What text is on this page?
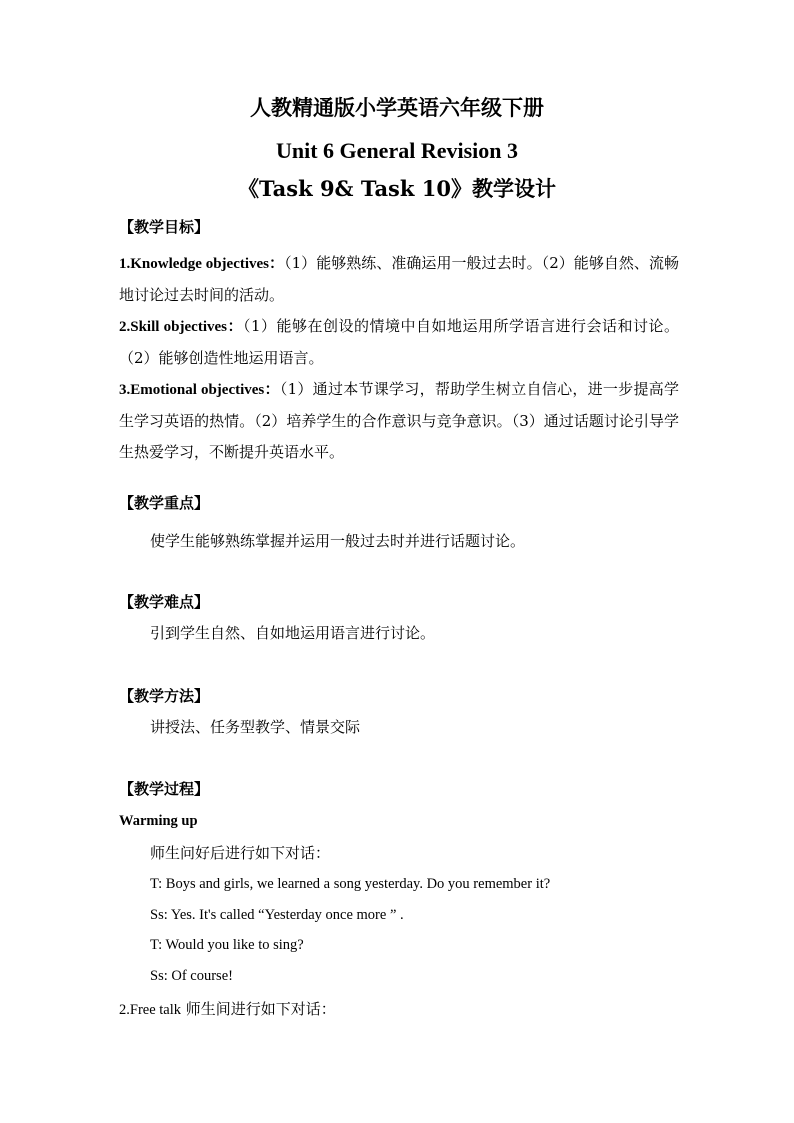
人教精通版小学英语六年级下册
Unit 6 General Revision 3
《Task 9& Task 10》教学设计
【教学目标】

1.Knowledge objectives：（1）能够熟练、准确运用一般过去时。（2）能够自然、流畅地讨论过去时间的活动。

2.Skill objectives：（1）能够在创设的情境中自如地运用所学语言进行会话和讨论。（2）能够创造性地运用语言。

3.Emotional objectives：（1）通过本节课学习，帮助学生树立自信心，进一步提高学生学习英语的热情。（2）培养学生的合作意识与竞争意识。（3）通过话题讨论引导学生热爱学习，不断提升英语水平。

【教学重点】
使学生能够熟练掌握并运用一般过去时并进行话题讨论。
【教学难点】
引到学生自然、自如地运用语言进行讨论。
【教学方法】
讲授法、任务型教学、情景交际
【教学过程】
Warming up
师生问好后进行如下对话：
T: Boys and girls, we learned a song yesterday. Do you remember it?
Ss: Yes. It's called “Yesterday once more ” .
T: Would you like to sing?
Ss: Of course!
2.Free talk 师生间进行如下对话：
